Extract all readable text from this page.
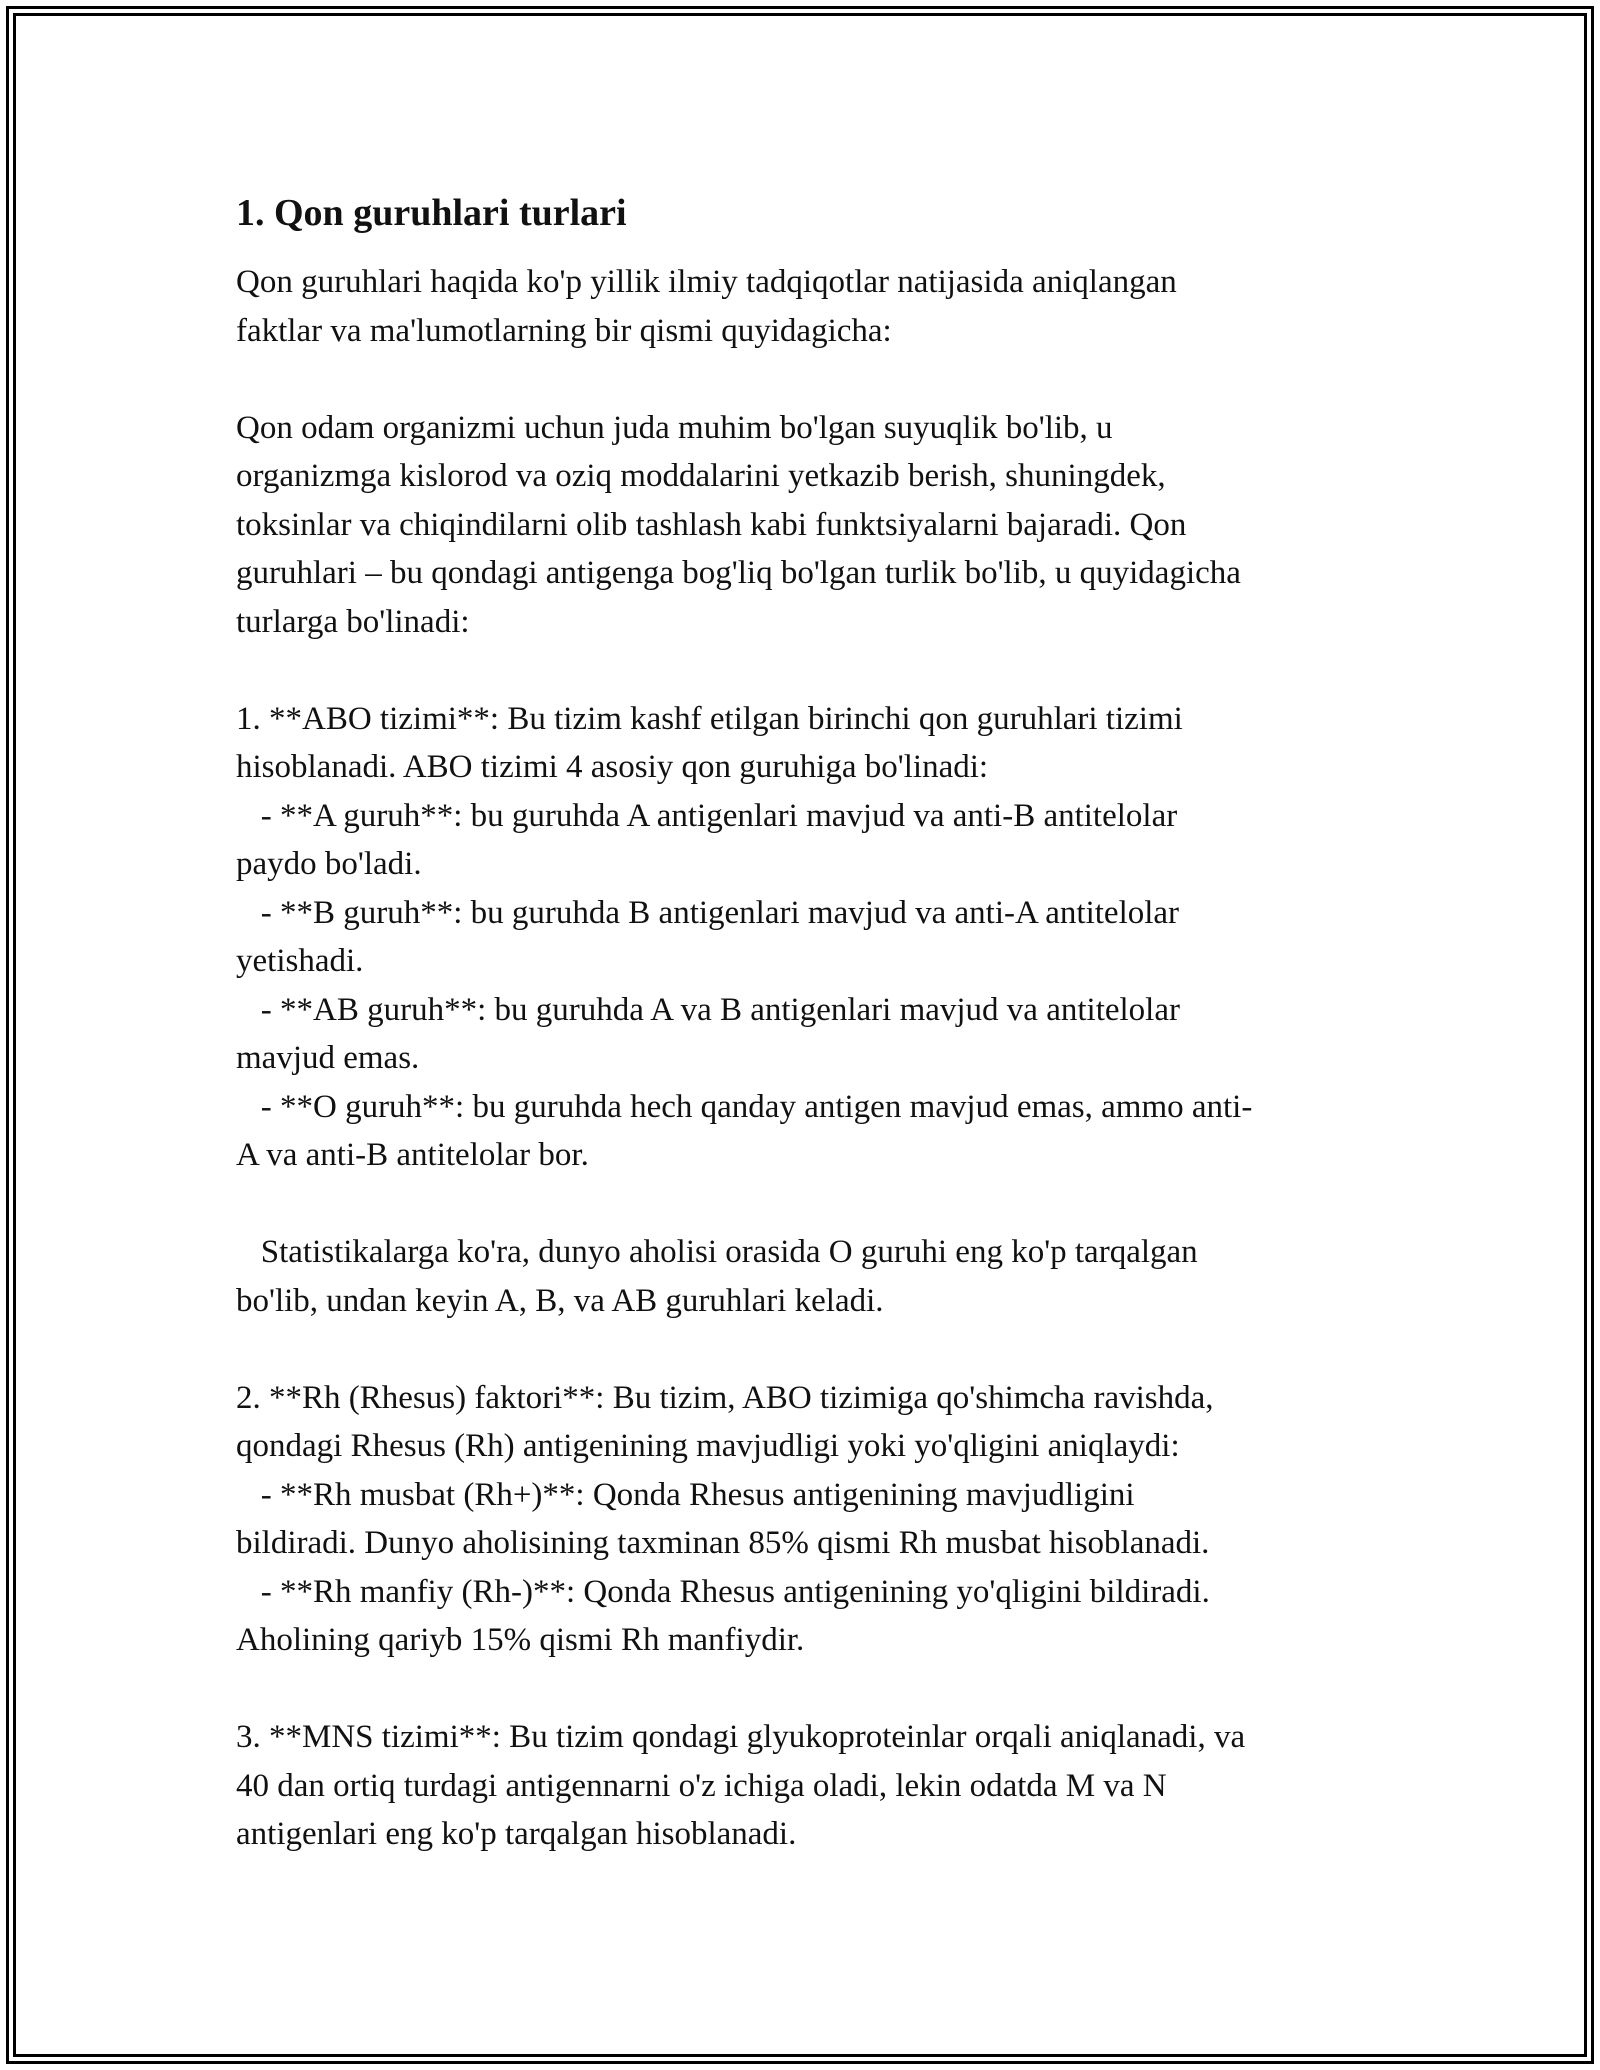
1. Qon guruhlari turlari

Qon guruhlari haqida ko'p yillik ilmiy tadqiqotlar natijasida aniqlangan
faktlar va ma'lumotlarning bir qismi quyidagicha:

Qon odam organizmi uchun juda muhim bo'lgan suyuqlik bo'lib, u
organizmga kislorod va oziq moddalarini yetkazib berish, shuningdek,
toksinlar va chiqindilarni olib tashlash kabi funktsiyalarni bajaradi. Qon
guruhlari – bu qondagi antigenga bog'liq bo'lgan turlik bo'lib, u quyidagicha
turlarga bo'linadi:

1. **ABO tizimi**: Bu tizim kashf etilgan birinchi qon guruhlari tizimi
hisoblanadi. ABO tizimi 4 asosiy qon guruhiga bo'linadi:
- **A guruh**: bu guruhda A antigenlari mavjud va anti-B antitelolar
paydo bo'ladi.
- **B guruh**: bu guruhda B antigenlari mavjud va anti-A antitelolar
yetishadi.
- **AB guruh**: bu guruhda A va B antigenlari mavjud va antitelolar
mavjud emas.
- **O guruh**: bu guruhda hech qanday antigen mavjud emas, ammo anti-
A va anti-B antitelolar bor.

Statistikalarga ko'ra, dunyo aholisi orasida O guruhi eng ko'p tarqalgan
bo'lib, undan keyin A, B, va AB guruhlari keladi.

2. **Rh (Rhesus) faktori**: Bu tizim, ABO tizimiga qo'shimcha ravishda,
qondagi Rhesus (Rh) antigenining mavjudligi yoki yo'qligini aniqlaydi:
- **Rh musbat (Rh+)**: Qonda Rhesus antigenining mavjudligini
bildiradi. Dunyo aholisining taxminan 85% qismi Rh musbat hisoblanadi.
- **Rh manfiy (Rh-)**: Qonda Rhesus antigenining yo'qligini bildiradi.
Aholining qariyb 15% qismi Rh manfiydir.

3. **MNS tizimi**: Bu tizim qondagi glyukoproteinlar orqali aniqlanadi, va
40 dan ortiq turdagi antigennarni o'z ichiga oladi, lekin odatda M va N
antigenlari eng ko'p tarqalgan hisoblanadi.
